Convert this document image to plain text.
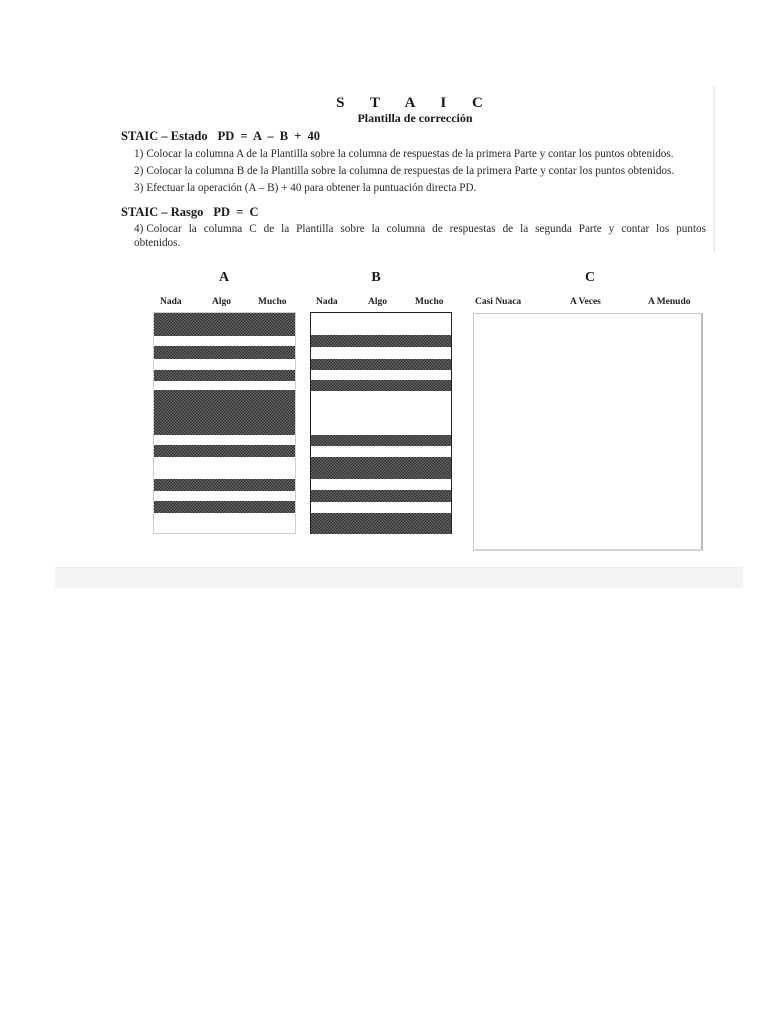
S T A I C
Plantilla de corrección
STAIC – Estado PD = A – B + 40
1) Colocar la columna A de la Plantilla sobre la columna de respuestas de la primera Parte y contar los puntos obtenidos.
2) Colocar la columna B de la Plantilla sobre la columna de respuestas de la primera Parte y contar los puntos obtenidos.
3) Efectuar la operación (A – B) + 40 para obtener la puntuación directa PD.
STAIC – Rasgo PD = C
4) Colocar la columna C de la Plantilla sobre la columna de respuestas de la segunda Parte y contar los puntos obtenidos.
A	B	C
Nada	Algo	Mucho	Nada	Algo	Mucho	Casi Nuaca	A Veces	A Menudo
